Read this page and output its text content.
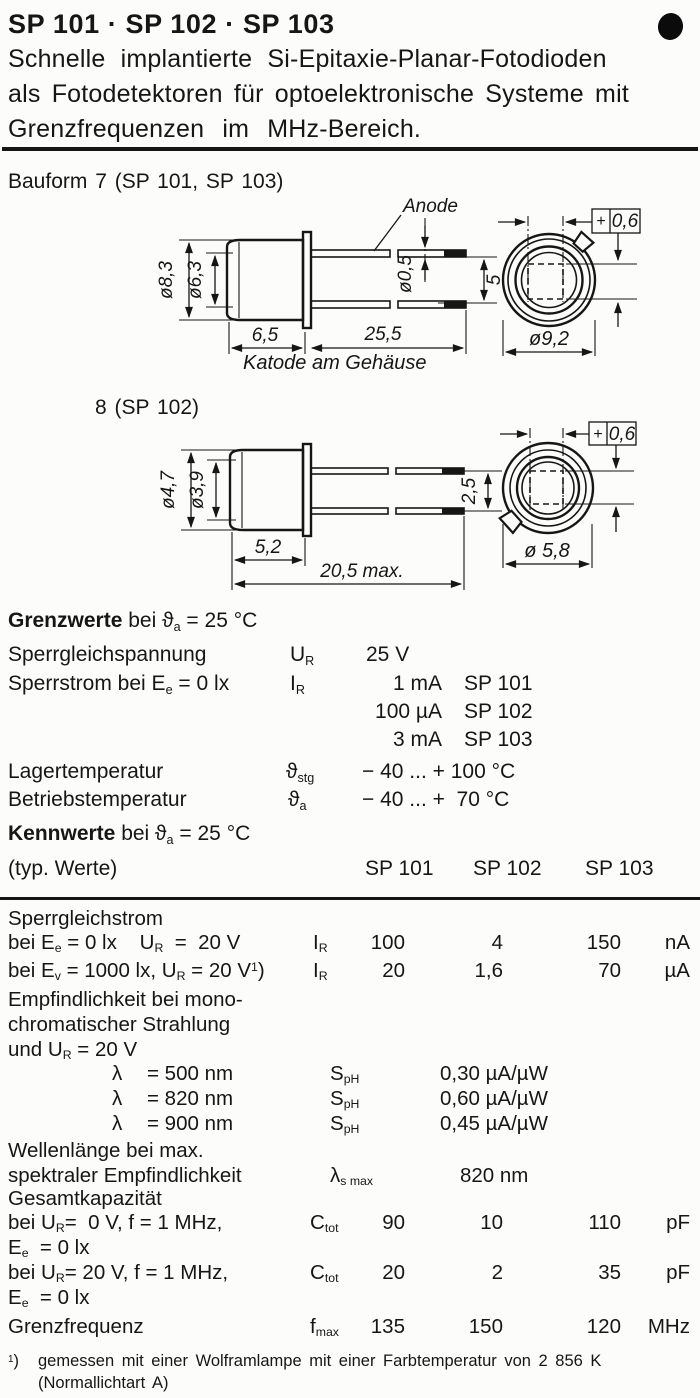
SP 101 · SP 102 · SP 103
Schnelle implantierte Si-Epitaxie-Planar-Fotodioden
als Fotodetektoren für optoelektronische Systeme mit
Grenzfrequenzen im MHz-Bereich.
Bauform 7 (SP 101, SP 103)
Anode
Katode am Gehäuse
ø8,3 ø6,3	ø0,5	5
6,5	25,5
+ 0,6
ø9,2
8 (SP 102)
ø4,7 ø3,9
5,2
20,5 max.
2,5
+ 0,6
ø 5,8
Grenzwerte bei $ϑ_a = 25$ °C
Sperrgleichspannung	$U_R$ 25 V
Sperrstrom bei $E_e = 0$ lx	$I_R$	1 mA SP 101
100 µA SP 102
3 mA SP 103
Lagertemperatur	$ϑ_{stg} - 40$ ... + 100 °C
Betriebstemperatur	$ϑ_a$	− 40 ... +  70 °C
Kennwerte bei $ϑ_a = 25$ °C
(typ. Werte)	SP 101 SP 102 SP 103
Sperrgleichstrom
bei $E_e = 0$ lx    $U_R = 20$ V	$I_R$	100	4	150	nA
bei $E_v = 1000$ lx, $U_R = 20$ $V^1$) $I_R$	20	1,6	70	µA
Empfindlichkeit bei mono-
chromatischer Strahlung
und $U_R = 20$ V
λ = 500 nm	$S_{pH}$	0,30 µA/µW
λ = 820 nm	$S_{pH}$	0,60 µA/µW
λ = 900 nm	$S_{pH}$	0,45 µA/µW
Wellenlänge bei max.
spektraler Empfindlichkeit	$\lambda_{s max}$	820 nm
Gesamtkapazität
bei $U_R= 0$ V, f = 1 MHz,	$C_{tot}$	90	10	110	pF
$E_e = 0$ lx
bei $U_R= 20$ V, f = 1 MHz,	$C_{tot}$	20	2	35	pF
$E_e = 0$ lx
Grenzfrequenz	$f_{max}$	135	150	120	MHz
$^1$) gemessen mit einer Wolframlampe mit einer Farbtemperatur von 2 856 K
(Normallichtart A)
